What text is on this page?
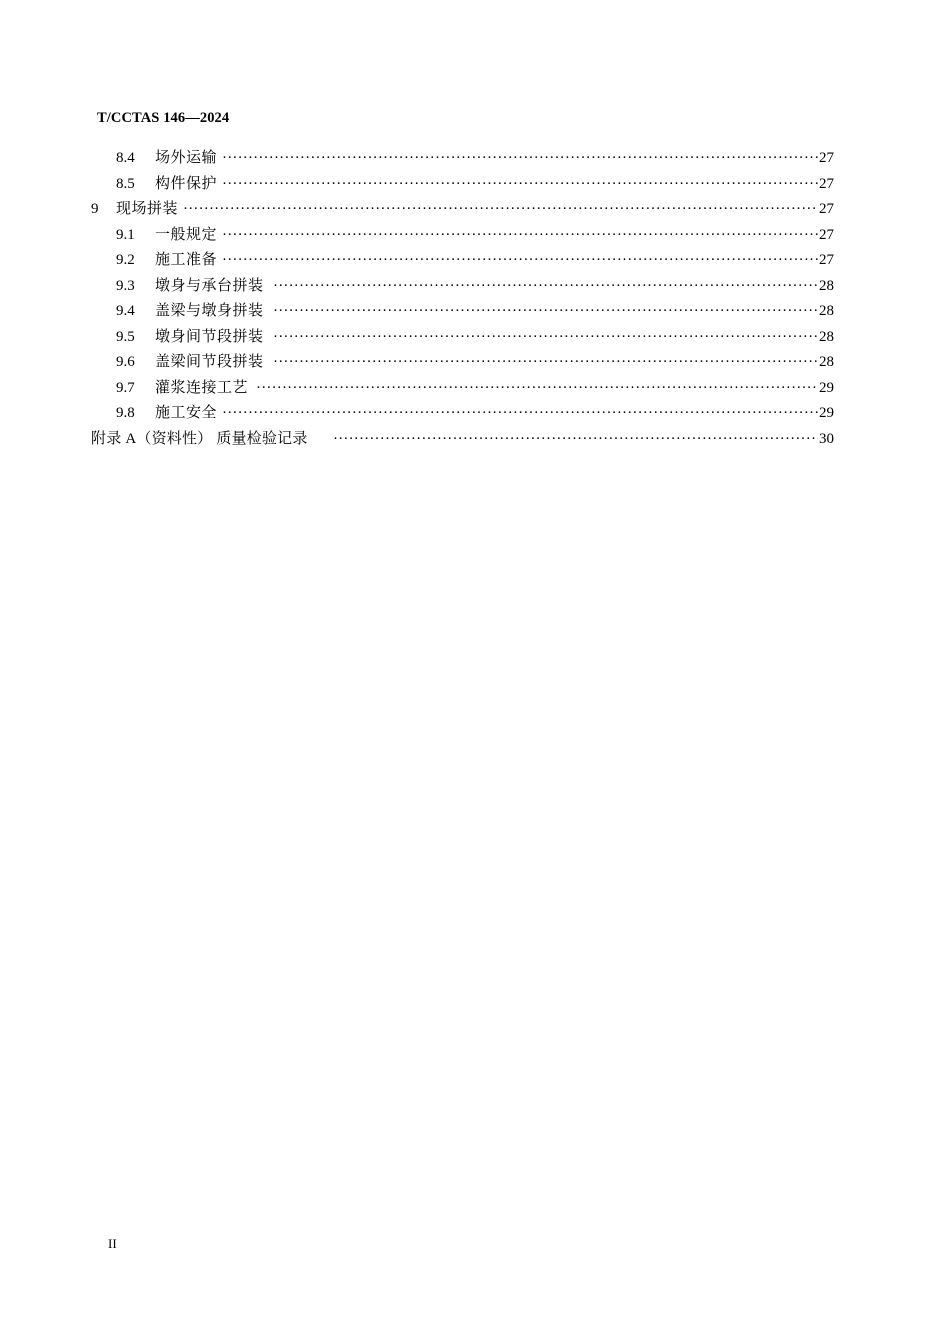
T/CCTAS 146—2024
8.4 场外运输 ·····	27
8.5 构件保护 ·····	27
9 现场拼装 ·····	27
9.1 一般规定 ·····	27
9.2 施工准备 ·····	27
9.3 墩身与承台拼装 ·····	28
9.4 盖梁与墩身拼装 ·····	28
9.5 墩身间节段拼装 ·····	28
9.6 盖梁间节段拼装 ·····	28
9.7 灌浆连接工艺 ·····	29
9.8 施工安全 ·····	29
附录 A（资料性） 质量检验记录 ·····	30
II
